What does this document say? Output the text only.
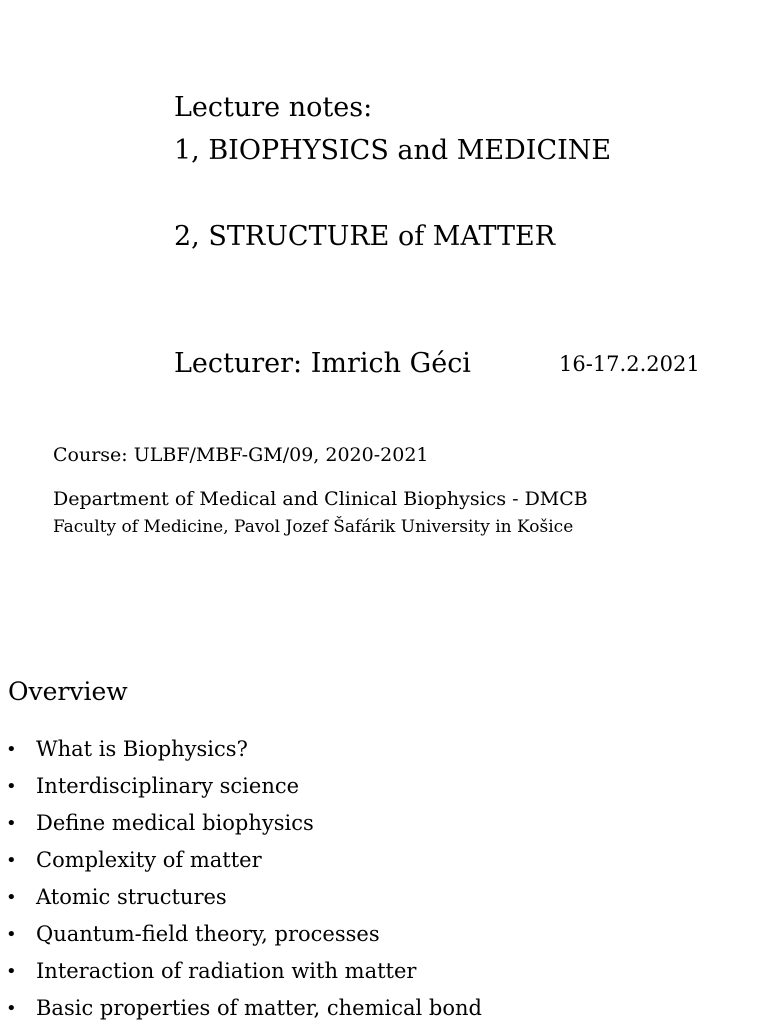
Lecture notes:
1, BIOPHYSICS and MEDICINE
2, STRUCTURE of MATTER
Lecturer: Imrich Géci	16-17.2.2021
Course: ULBF/MBF-GM/09, 2020-2021
Department of Medical and Clinical Biophysics - DMCB
Faculty of Medicine, Pavol Jozef Šafárik University in Košice
Overview
• What is Biophysics?
• Interdisciplinary science
• Define medical biophysics
• Complexity of matter
• Atomic structures
• Quantum-field theory, processes
• Interaction of radiation with matter
• Basic properties of matter, chemical bond
